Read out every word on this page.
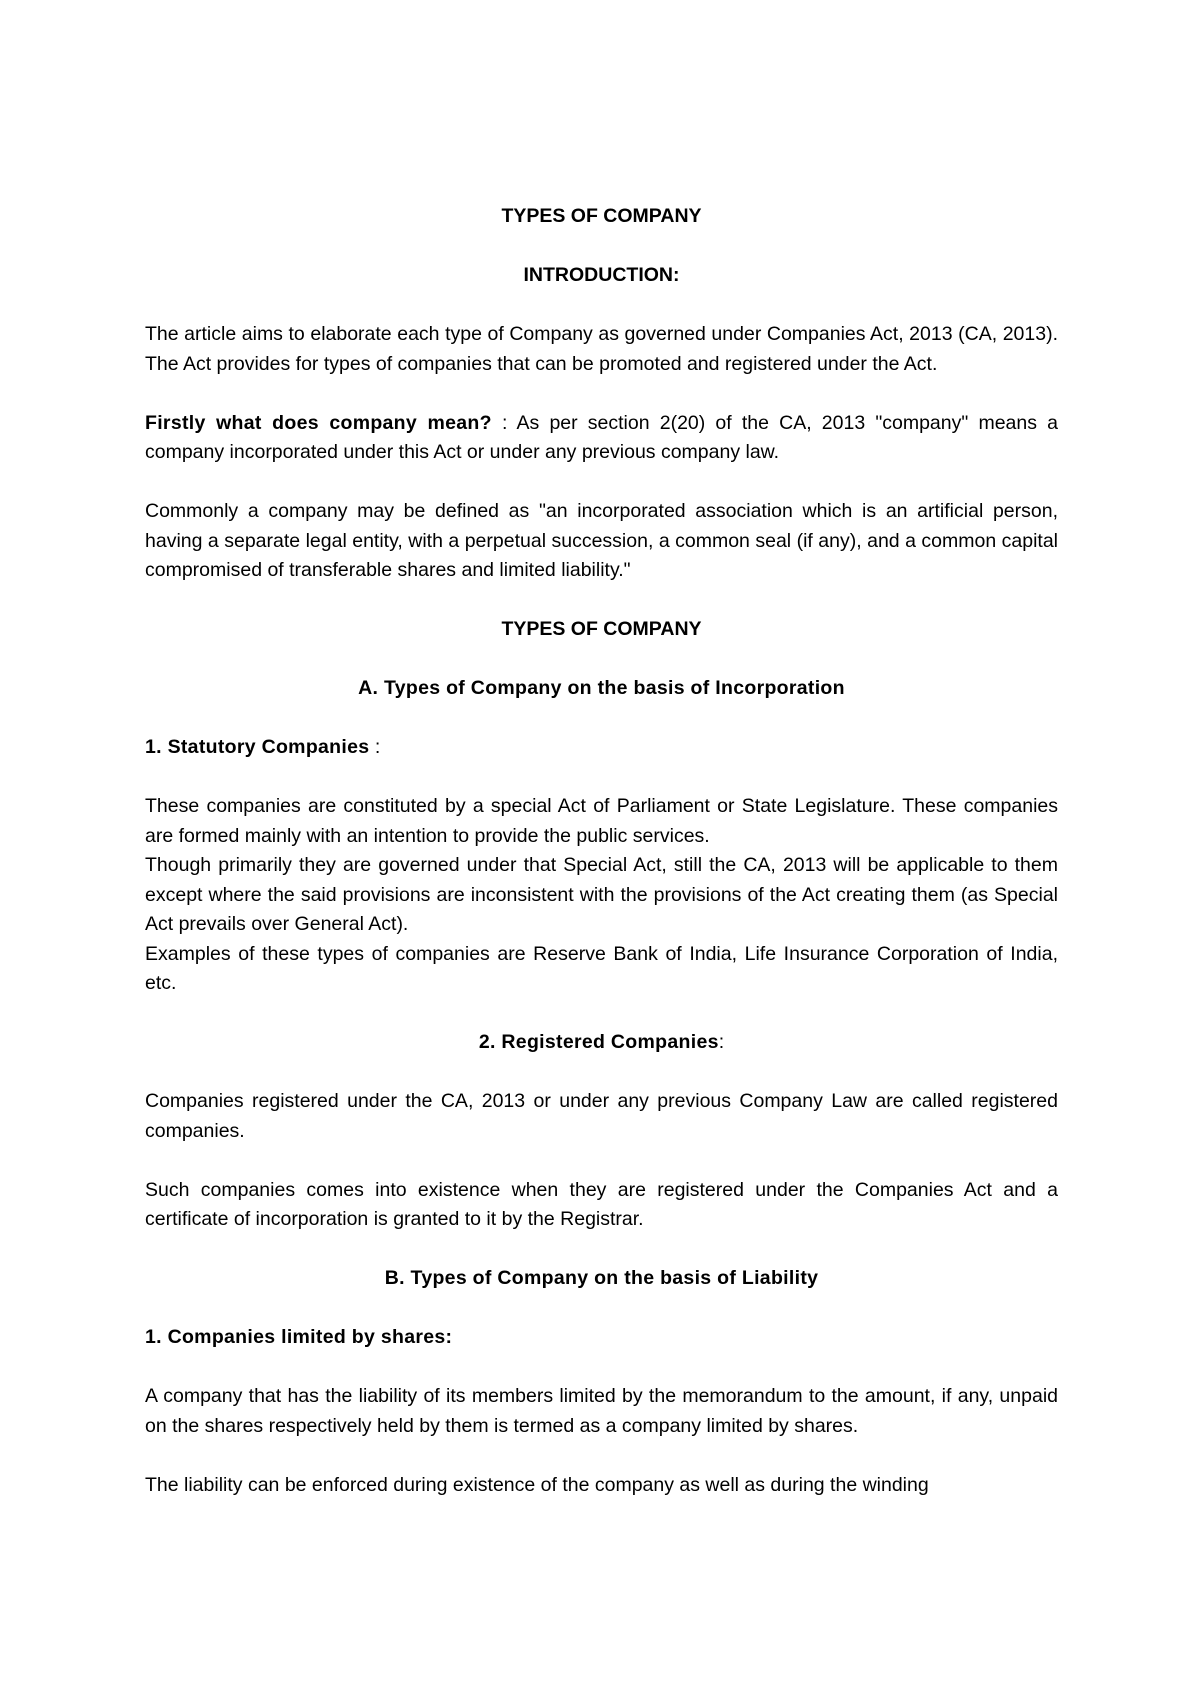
TYPES OF COMPANY

INTRODUCTION:

The article aims to elaborate each type of Company as governed under Companies Act, 2013 (CA, 2013). The Act provides for types of companies that can be promoted and registered under the Act.

Firstly what does company mean? : As per section 2(20) of the CA, 2013 "company" means a company incorporated under this Act or under any previous company law.

Commonly a company may be defined as "an incorporated association which is an artificial person, having a separate legal entity, with a perpetual succession, a common seal (if any), and a common capital compromised of transferable shares and limited liability."

TYPES OF COMPANY

A. Types of Company on the basis of Incorporation

1. Statutory Companies :

These companies are constituted by a special Act of Parliament or State Legislature. These companies are formed mainly with an intention to provide the public services.

Though primarily they are governed under that Special Act, still the CA, 2013 will be applicable to them except where the said provisions are inconsistent with the provisions of the Act creating them (as Special Act prevails over General Act).

Examples of these types of companies are Reserve Bank of India, Life Insurance Corporation of India, etc.

2. Registered Companies:

Companies registered under the CA, 2013 or under any previous Company Law are called registered companies.

Such companies comes into existence when they are registered under the Companies Act and a certificate of incorporation is granted to it by the Registrar.

B. Types of Company on the basis of Liability

1. Companies limited by shares:

A company that has the liability of its members limited by the memorandum to the amount, if any, unpaid on the shares respectively held by them is termed as a company limited by shares.

The liability can be enforced during existence of the company as well as during the winding
